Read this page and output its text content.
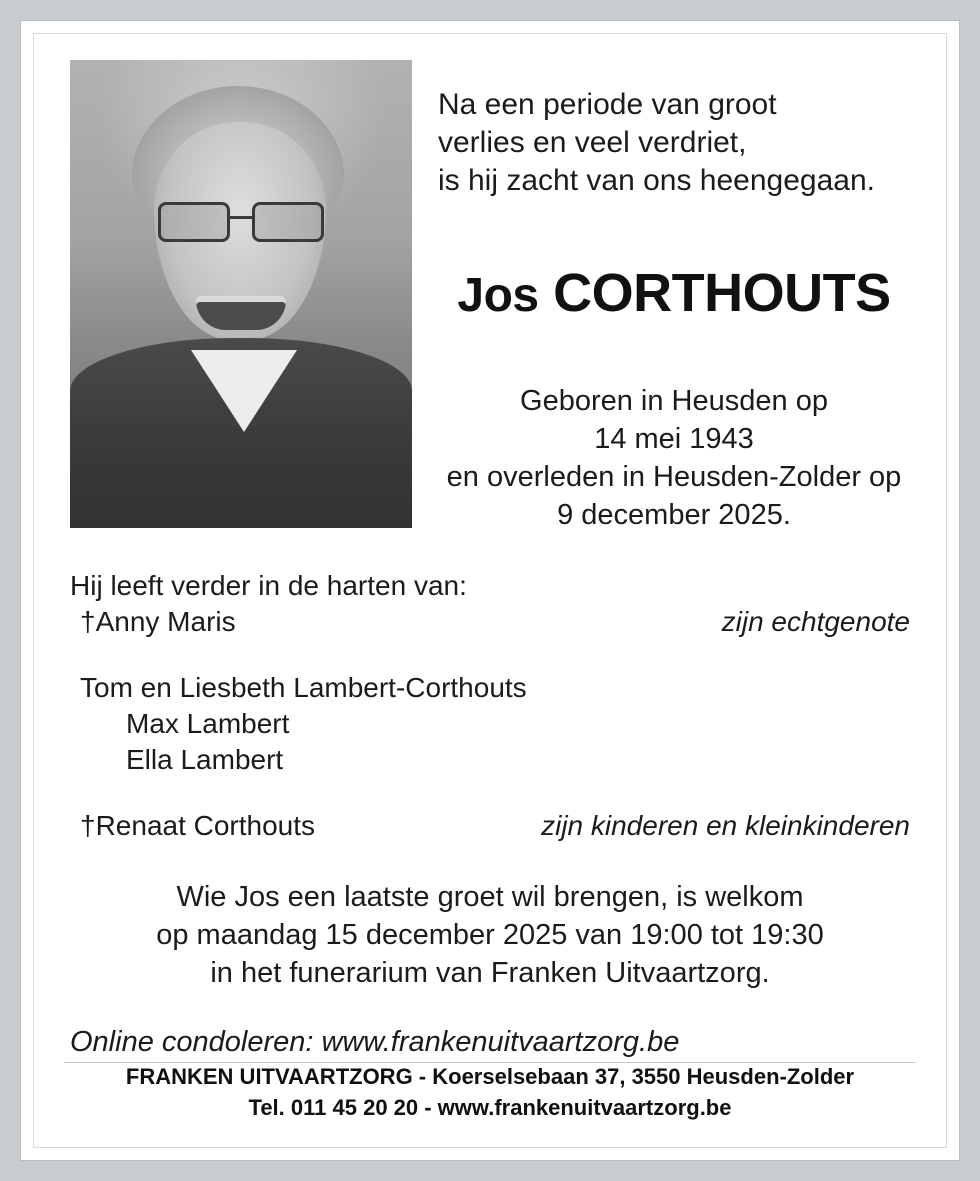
Na een periode van groot
verlies en veel verdriet,
is hij zacht van ons heengegaan.
Jos CORTHOUTS
Geboren in Heusden op
14 mei 1943
en overleden in Heusden-Zolder op
9 december 2025.
Hij leeft verder in de harten van:
†Anny Maris	zijn echtgenote
Tom en Liesbeth Lambert-Corthouts
Max Lambert
Ella Lambert
†Renaat Corthouts	zijn kinderen en kleinkinderen
Wie Jos een laatste groet wil brengen, is welkom
op maandag 15 december 2025 van 19:00 tot 19:30
in het funerarium van Franken Uitvaartzorg.
Online condoleren: www.frankenuitvaartzorg.be
FRANKEN UITVAARTZORG - Koerselsebaan 37, 3550 Heusden-Zolder
Tel. 011 45 20 20 - www.frankenuitvaartzorg.be
